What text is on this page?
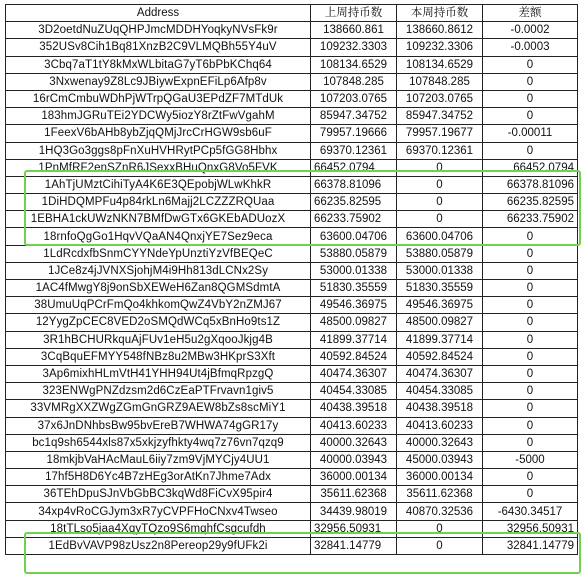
Address	上周持币数	本周持币数	差额
3D2oetdNuZUqQHPJmcMDDHYoqkyNVsFk9r	138660.861	138660.8612	-0.0002
352USv8Cih1Bq81XnzB2C9VLMQBh55Y4uV	109232.3303	109232.3306	-0.0003
3Cbq7aT1tY8kMxWLbitaG7yT6bPbKChq64	108134.6529	108134.6529	0
3Nxwenay9Z8Lc9JBiywExpnEFiLp6Afp8v	107848.285	107848.285	0
16rCmCmbuWDhPjWTrpQGaU3EPdZF7MTdUk	107203.0765	107203.0765	0
183hmJGRuTEi2YDCWy5iozY8rZtFwVgahM	85947.34752	85947.34752	0
1FeexV6bAHb8ybZjqQMjJrcCrHGW9sb6uF	79957.19666	79957.19677	-0.00011
1HQ3Go3ggs8pFnXuHVHRytPCp5fGG8Hbhx	69370.12361	69370.12361	0
1PnMfRF2enSZnR6JSexxBHuQnxG8Vo5FVK	66452.0794	0	66452.0794
1AhTjUMztCihiTyA4K6E3QEpobjWLwKhkR	66378.81096	0	66378.81096
1DiHDQMPFu4p84rkLn6Majj2LCZZZRQUaa	66235.82595	0	66235.82595
1EBHA1ckUWzNKN7BMfDwGTx6GKEbADUozX	66233.75902	0	66233.75902
18rnfoQgGo1HqvVQaAN4QnxjYE7Sez9eca	63600.04706	63600.04706	0
1LdRcdxfbSnmCYYNdeYpUnztiYzVfBEQeC	53880.05879	53880.05879	0
1JCe8z4jJVNXSjohjM4i9Hh813dLCNx2Sy	53000.01338	53000.01338	0
1AC4fMwgY8j9onSbXEWeH6Zan8QGMSdmtA	51830.35559	51830.35559	0
38UmuUqPCrFmQo4khkomQwZ4VbY2nZMJ67	49546.36975	49546.36975	0
12YygZpCEC8VED2oSMQdWCq5xBnHo9ts1Z	48500.09827	48500.09827	0
3R1hBCHURkquAjFUv1eH5u2gXqooJkjg4B	41899.37714	41899.37714	0
3CqBquEFMYY548fNBz8u2MBw3HKprS3Xft	40592.84524	40592.84524	0
3Ap6mixhHLmVtH41YHH94Ut4jBfmqRpzgQ	40474.36307	40474.36307	0
323ENWgPNZdzsm2d6CzEaPTFrvavn1giv5	40454.33085	40454.33085	0
33VMRgXXZWgZGmGnGRZ9AEW8bZs8scMiY1	40438.39518	40438.39518	0
37x6JnDNhbsBw95bvEreB7WHWA74gGR17y	40413.60233	40413.60233	0
bc1q9sh6544xls87x5xkjzyfhkty4wq7z76vn7qzq9	40000.32643	40000.32643	0
18mkjbVaHAcMauL6iiy7zm9VjMYCjy4UU1	40000.03943	45000.03943	-5000
17hf5H8D6Yc4B7zHEg3orAtKn7Jhme7Adx	36000.00134	36000.00134	0
36TEhDpuSJnVbGbBC3kqWd8FiCvX95pir4	35611.62368	35611.62368	0
34xp4vRoCGJym3xR7yCVPFHoCNxv4Twseo	34439.98019	40870.32536	-6430.34517
18tTLso5jaa4XqyTQzo9S6mqhfCsgcufdh	32956.50931	0	32956.50931
1EdBvVAVP98zUsz2n8Pereop29y9fUFk2i	32841.14779	0	32841.14779
